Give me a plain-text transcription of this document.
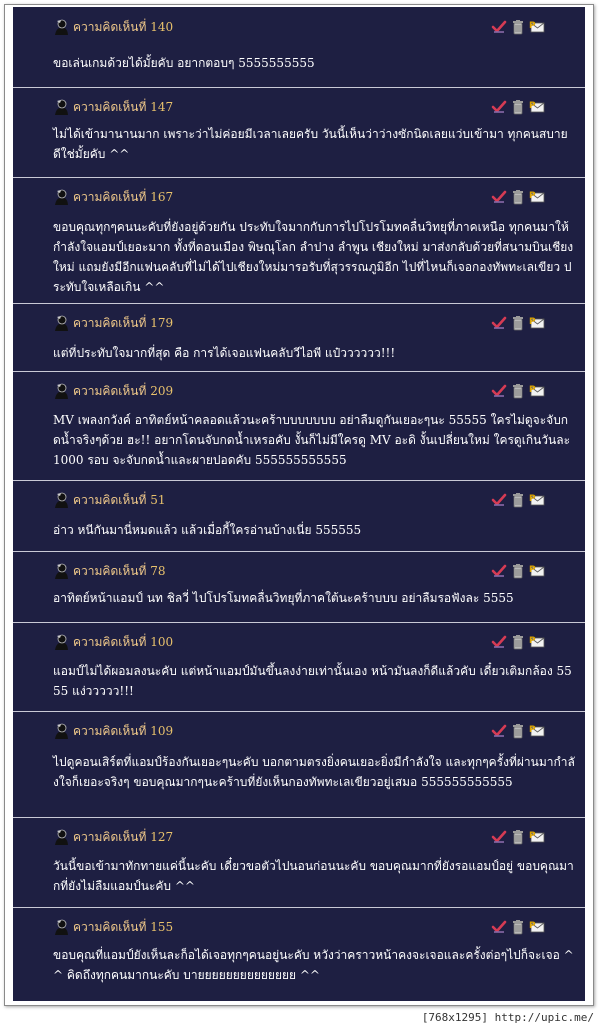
ความคิดเห็นที่ 140	P
ขอเล่นเกมด้วยได้มั้ยคับ อยากตอบๆ 5555555555
ความคิดเห็นที่ 147	P
ไม่ได้เข้ามานานมาก เพราะว่าไม่ค่อยมีเวลาเลยครับ วันนี้เห็นว่าว่างซักนิดเลยแว่บเข้ามา ทุกคนสบายดีใช่มั้ยคับ ^^
ความคิดเห็นที่ 167	P
ขอบคุณทุกๆคนนะคับที่ยังอยู่ด้วยกัน ประทับใจมากกับการไปโปรโมทคลื่นวิทยุที่ภาคเหนือ ทุกคนมาให้กำลังใจแอมป์เยอะมาก ทั้งที่ดอนเมือง พิษณุโลก ลำปาง ลำพูน เชียงใหม่ มาส่งกลับด้วยที่สนามบินเชียงใหม่ แถมยังมีอีกแฟนคลับที่ไม่ได้ไปเชียงใหม่มารอรับที่สุวรรณภูมิอีก ไปที่ไหนก็เจอกองทัพทะเลเขียว ประทับใจเหลือเกิน ^^
ความคิดเห็นที่ 179	P
แต่ที่ประทับใจมากที่สุด คือ การได้เจอแฟนคลับวีไอพี แป๋วววววว!!!
ความคิดเห็นที่ 209	P
MV เพลงกวังค์ อาทิตย์หน้าคลอดแล้วนะคร้าบบบบบบบ อย่าลืมดูกันเยอะๆนะ 55555 ใครไม่ดูจะจับกดน้ำจริงๆด้วย ฮะ!! อยากโดนจับกดน้ำเหรอคับ งั้นก็ไม่มีใครดู MV อะดิ งั้นเปลี่ยนใหม่ ใครดูเกินวันละ 1000 รอบ จะจับกดน้ำและผายปอดคับ 555555555555
ความคิดเห็นที่ 51	P
อ่าว หนีกันมานี่หมดแล้ว แล้วเมื่อกี้ใครอ่านบ้างเนี่ย 555555
ความคิดเห็นที่ 78	P
อาทิตย์หน้าแอมป์ นท ชิลวี่ ไปโปรโมทคลื่นวิทยุที่ภาคใต้นะคร้าบบบ อย่าลืมรอฟังละ 5555
ความคิดเห็นที่ 100	P
แอมป์ไม่ได้ผอมลงนะคับ แต่หน้าแอมป์มันขึ้นลงง่ายเท่านั้นเอง หน้ามันลงก็ดีแล้วคับ เดี๋ยวเติมกล้อง 5555 แง่ววววว!!!
ความคิดเห็นที่ 109	P
ไปดูคอนเสิร์ตที่แอมป์ร้องกันเยอะๆนะคับ บอกตามตรงยิ่งคนเยอะยิ่งมีกำลังใจ และทุกๆครั้งที่ผ่านมากำลังใจก็เยอะจริงๆ ขอบคุณมากๆนะคร้าบที่ยังเห็นกองทัพทะเลเขียวอยู่เสมอ 555555555555
ความคิดเห็นที่ 127	P
วันนี้ขอเข้ามาทักทายแค่นี้นะคับ เดี๋ยวขอตัวไปนอนก่อนนะคับ ขอบคุณมากที่ยังรอแอมป์อยู่ ขอบคุณมากที่ยังไม่ลืมแอมป์นะคับ ^^
ความคิดเห็นที่ 155	P
ขอบคุณที่แอมป์ยังเห็นละก็อได้เจอทุกๆคนอยู่นะคับ หวังว่าคราวหน้าคงจะเจอและครั้งต่อๆไปก็จะเจอ ^^ คิดถึงทุกคนมากนะคับ บายยยยยยยยยยยยยย ^^
[768x1295] http://upic.me/
